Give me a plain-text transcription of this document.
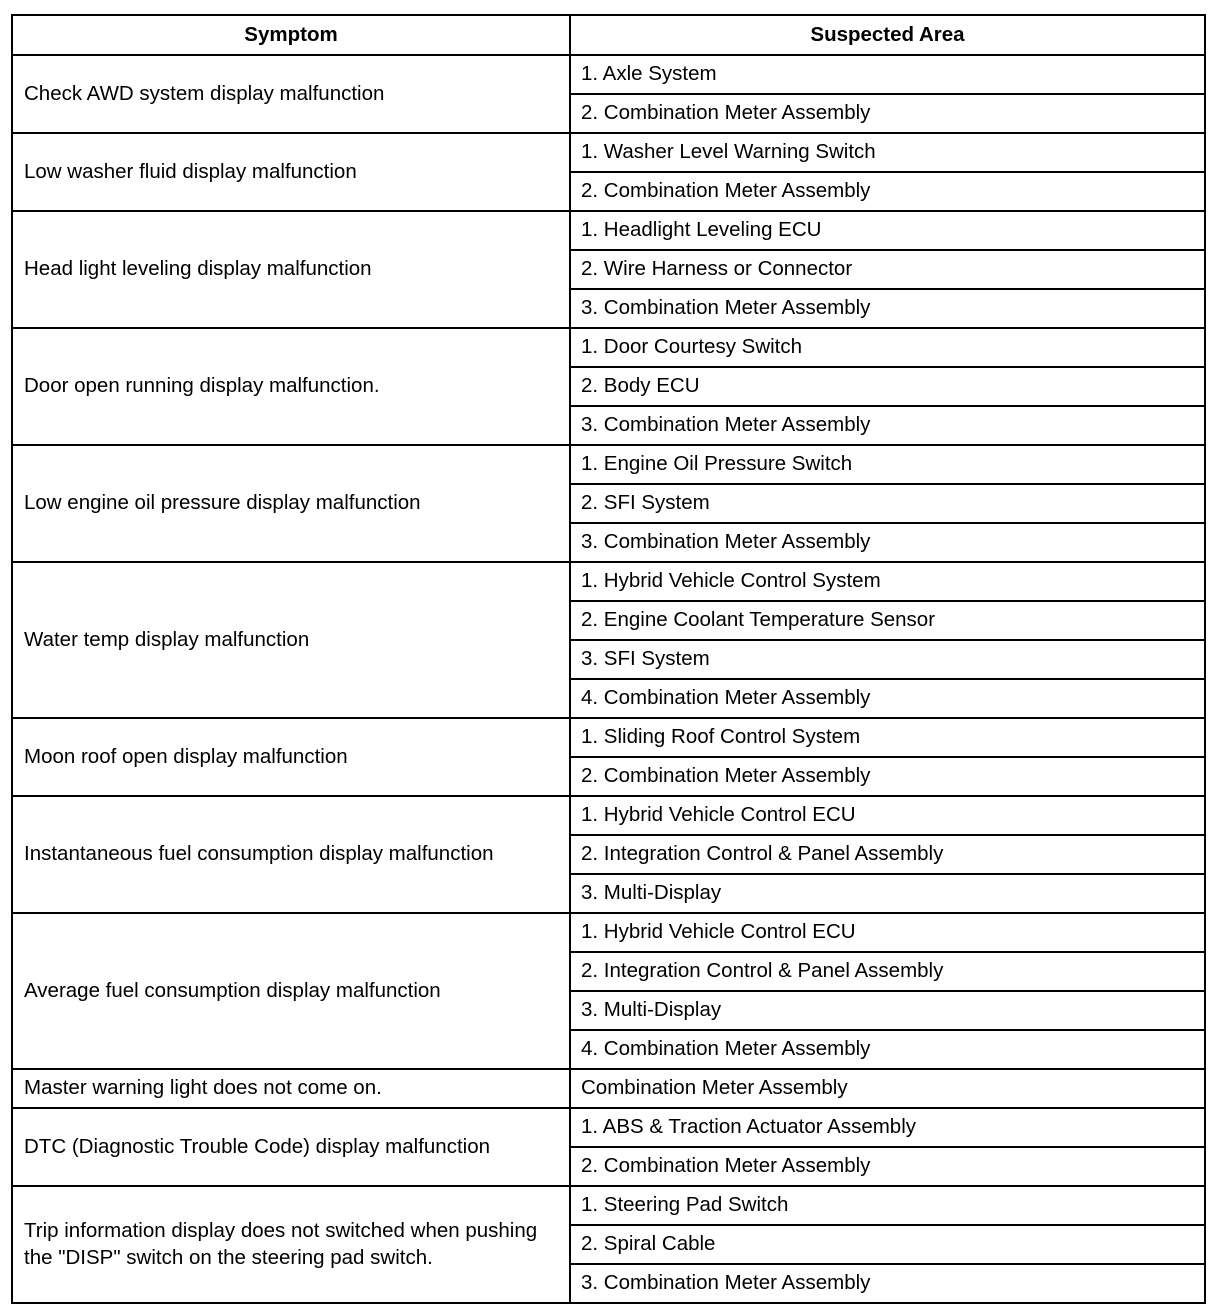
Symptom	Suspected Area
Check AWD system display malfunction	1. Axle System
	2. Combination Meter Assembly
Low washer fluid display malfunction	1. Washer Level Warning Switch
	2. Combination Meter Assembly
Head light leveling display malfunction	1. Headlight Leveling ECU
	2. Wire Harness or Connector
	3. Combination Meter Assembly
Door open running display malfunction.	1. Door Courtesy Switch
	2. Body ECU
	3. Combination Meter Assembly
Low engine oil pressure display malfunction	1. Engine Oil Pressure Switch
	2. SFI System
	3. Combination Meter Assembly
Water temp display malfunction	1. Hybrid Vehicle Control System
	2. Engine Coolant Temperature Sensor
	3. SFI System
	4. Combination Meter Assembly
Moon roof open display malfunction	1. Sliding Roof Control System
	2. Combination Meter Assembly
Instantaneous fuel consumption display malfunction	1. Hybrid Vehicle Control ECU
	2. Integration Control & Panel Assembly
	3. Multi-Display
Average fuel consumption display malfunction	1. Hybrid Vehicle Control ECU
	2. Integration Control & Panel Assembly
	3. Multi-Display
	4. Combination Meter Assembly
Master warning light does not come on.	Combination Meter Assembly
DTC (Diagnostic Trouble Code) display malfunction	1. ABS & Traction Actuator Assembly
	2. Combination Meter Assembly
Trip information display does not switched when pushing the "DISP" switch on the steering pad switch.	1. Steering Pad Switch
	2. Spiral Cable
	3. Combination Meter Assembly
